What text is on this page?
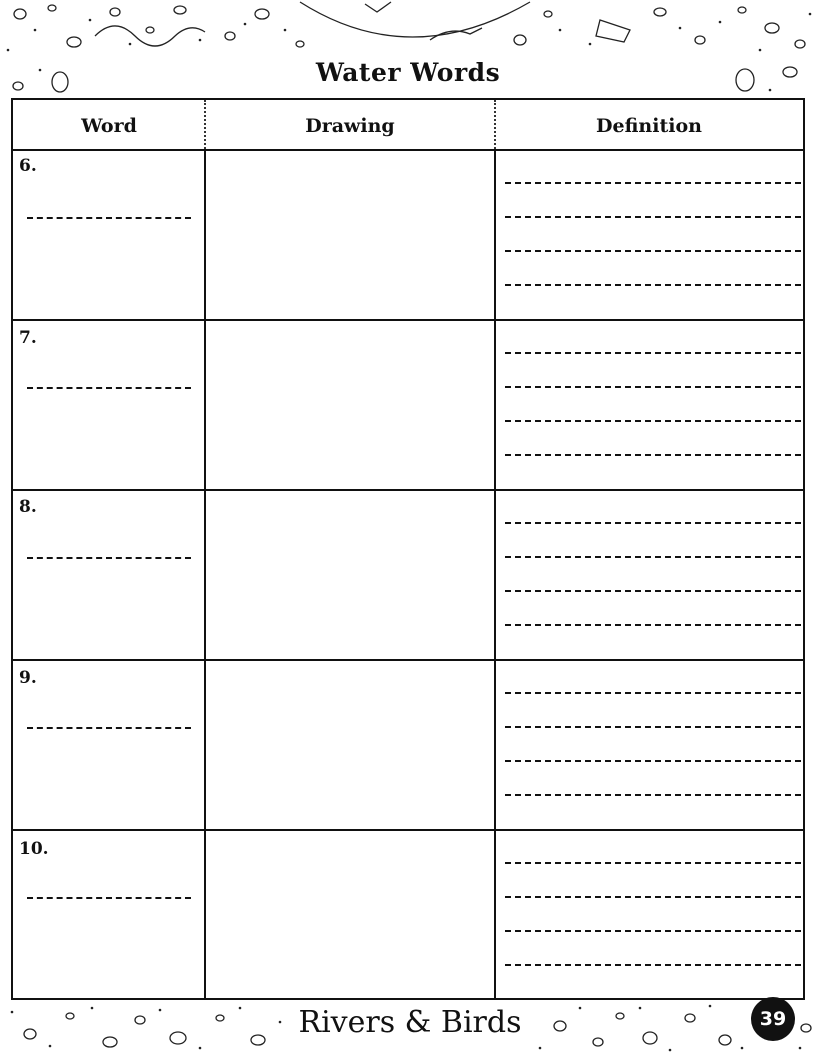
Water Words
Word	Drawing	Definition
6.
7.
8.
9.
10.
Rivers & Birds	39
